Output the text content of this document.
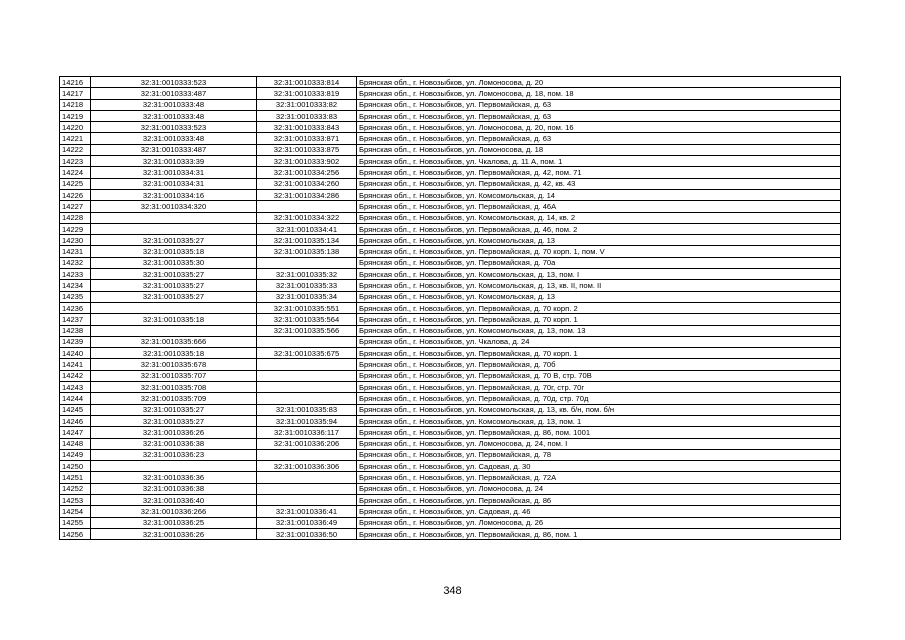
14216	32:31:0010333:523	32:31:0010333:814	Брянская обл., г. Новозыбков, ул. Ломоносова, д. 20
14217	32:31:0010333:487	32:31:0010333:819	Брянская обл., г. Новозыбков, ул. Ломоносова, д. 18, пом. 18
14218	32:31:0010333:48	32:31:0010333:82	Брянская обл., г. Новозыбков, ул. Первомайская, д. 63
14219	32:31:0010333:48	32:31:0010333:83	Брянская обл., г. Новозыбков, ул. Первомайская, д. 63
14220	32:31:0010333:523	32:31:0010333:843	Брянская обл., г. Новозыбков, ул. Ломоносова, д. 20, пом. 16
14221	32:31:0010333:48	32:31:0010333:871	Брянская обл., г. Новозыбков, ул. Первомайская, д. 63
14222	32:31:0010333:487	32:31:0010333:875	Брянская обл., г. Новозыбков, ул. Ломоносова, д. 18
14223	32:31:0010333:39	32:31:0010333:902	Брянская обл., г. Новозыбков, ул. Чкалова, д. 11 А, пом. 1
14224	32:31:0010334:31	32:31:0010334:256	Брянская обл., г. Новозыбков, ул. Первомайская, д. 42, пом. 71
14225	32:31:0010334:31	32:31:0010334:260	Брянская обл., г. Новозыбков, ул. Первомайская, д. 42, кв. 43
14226	32:31:0010334:16	32:31:0010334:286	Брянская обл., г. Новозыбков, ул. Комсомольская, д. 14
14227	32:31:0010334:320		Брянская обл., г. Новозыбков, ул. Первомайская, д. 46А
14228		32:31:0010334:322	Брянская обл., г. Новозыбков, ул. Комсомольская, д. 14, кв. 2
14229		32:31:0010334:41	Брянская обл., г. Новозыбков, ул. Первомайская, д. 46, пом. 2
14230	32:31:0010335:27	32:31:0010335:134	Брянская обл., г. Новозыбков, ул. Комсомольская, д. 13
14231	32:31:0010335:18	32:31:0010335:138	Брянская обл., г. Новозыбков, ул. Первомайская, д. 70 корп. 1, пом. V
14232	32:31:0010335:30		Брянская обл., г. Новозыбков, ул. Первомайская, д. 70а
14233	32:31:0010335:27	32:31:0010335:32	Брянская обл., г. Новозыбков, ул. Комсомольская, д. 13, пом. I
14234	32:31:0010335:27	32:31:0010335:33	Брянская обл., г. Новозыбков, ул. Комсомольская, д. 13, кв. II, пом. II
14235	32:31:0010335:27	32:31:0010335:34	Брянская обл., г. Новозыбков, ул. Комсомольская, д. 13
14236		32:31:0010335:551	Брянская обл., г. Новозыбков, ул. Первомайская, д. 70 корп. 2
14237	32:31:0010335:18	32:31:0010335:564	Брянская обл., г. Новозыбков, ул. Первомайская, д. 70 корп. 1
14238		32:31:0010335:566	Брянская обл., г. Новозыбков, ул. Комсомольская, д. 13, пом. 13
14239	32:31:0010335:666		Брянская обл., г. Новозыбков, ул. Чкалова, д. 24
14240	32:31:0010335:18	32:31:0010335:675	Брянская обл., г. Новозыбков, ул. Первомайская, д. 70 корп. 1
14241	32:31:0010335:678		Брянская обл., г. Новозыбков, ул. Первомайская, д. 70б
14242	32:31:0010335:707		Брянская обл., г. Новозыбков, ул. Первомайская, д. 70 В, стр. 70В
14243	32:31:0010335:708		Брянская обл., г. Новозыбков, ул. Первомайская, д. 70г, стр. 70г
14244	32:31:0010335:709		Брянская обл., г. Новозыбков, ул. Первомайская, д. 70д, стр. 70д
14245	32:31:0010335:27	32:31:0010335:83	Брянская обл., г. Новозыбков, ул. Комсомольская, д. 13, кв. б/н, пом. б/н
14246	32:31:0010335:27	32:31:0010335:94	Брянская обл., г. Новозыбков, ул. Комсомольская, д. 13, пом. 1
14247	32:31:0010336:26	32:31:0010336:117	Брянская обл., г. Новозыбков, ул. Первомайская, д. 86, пом. 1001
14248	32:31:0010336:38	32:31:0010336:206	Брянская обл., г. Новозыбков, ул. Ломоносова, д. 24, пом. I
14249	32:31:0010336:23		Брянская обл., г. Новозыбков, ул. Первомайская, д. 78
14250		32:31:0010336:306	Брянская обл., г. Новозыбков, ул. Садовая, д. 30
14251	32:31:0010336:36		Брянская обл., г. Новозыбков, ул. Первомайская, д. 72А
14252	32:31:0010336:38		Брянская обл., г. Новозыбков, ул. Ломоносова, д. 24
14253	32:31:0010336:40		Брянская обл., г. Новозыбков, ул. Первомайская, д. 86
14254	32:31:0010336:266	32:31:0010336:41	Брянская обл., г. Новозыбков, ул. Садовая, д. 46
14255	32:31:0010336:25	32:31:0010336:49	Брянская обл., г. Новозыбков, ул. Ломоносова, д. 26
14256	32:31:0010336:26	32:31:0010336:50	Брянская обл., г. Новозыбков, ул. Первомайская, д. 86, пом. 1
348
